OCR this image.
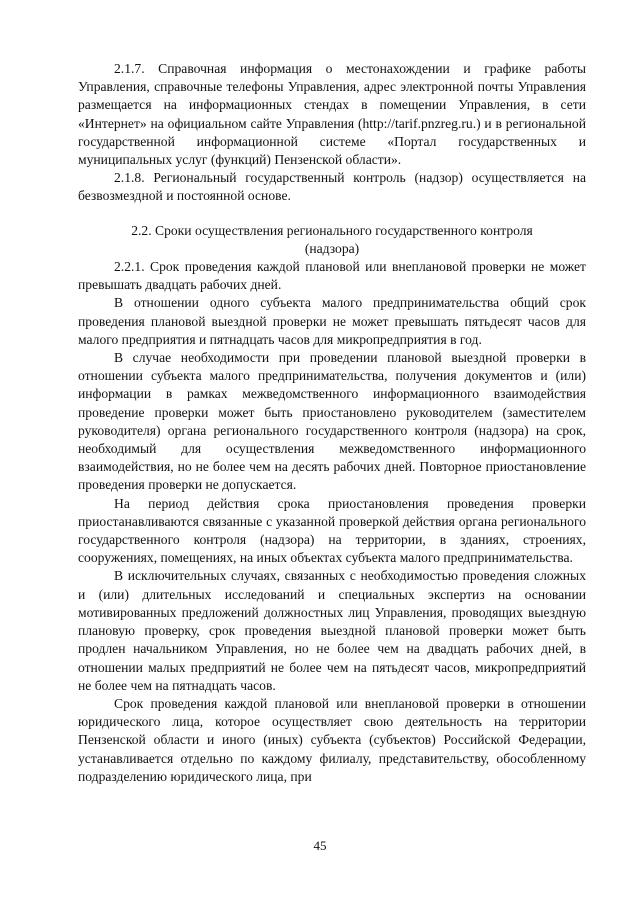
2.1.7. Справочная информация о местонахождении и графике работы Управления, справочные телефоны Управления, адрес электронной почты Управления размещается на информационных стендах в помещении Управления, в сети «Интернет» на официальном сайте Управления (http://tarif.pnzreg.ru.) и в региональной государственной информационной системе «Портал государственных и муниципальных услуг (функций) Пензенской области».

2.1.8. Региональный государственный контроль (надзор) осуществляется на безвозмездной и постоянной основе.

2.2. Сроки осуществления регионального государственного контроля (надзора)

2.2.1. Срок проведения каждой плановой или внеплановой проверки не может превышать двадцать рабочих дней.

В отношении одного субъекта малого предпринимательства общий срок проведения плановой выездной проверки не может превышать пятьдесят часов для малого предприятия и пятнадцать часов для микропредприятия в год.

В случае необходимости при проведении плановой выездной проверки в отношении субъекта малого предпринимательства, получения документов и (или) информации в рамках межведомственного информационного взаимодействия проведение проверки может быть приостановлено руководителем (заместителем руководителя) органа регионального государственного контроля (надзора) на срок, необходимый для осуществления межведомственного информационного взаимодействия, но не более чем на десять рабочих дней. Повторное приостановление проведения проверки не допускается.

На период действия срока приостановления проведения проверки приостанавливаются связанные с указанной проверкой действия органа регионального государственного контроля (надзора) на территории, в зданиях, строениях, сооружениях, помещениях, на иных объектах субъекта малого предпринимательства.

В исключительных случаях, связанных с необходимостью проведения сложных и (или) длительных исследований и специальных экспертиз на основании мотивированных предложений должностных лиц Управления, проводящих выездную плановую проверку, срок проведения выездной плановой проверки может быть продлен начальником Управления, но не более чем на двадцать рабочих дней, в отношении малых предприятий не более чем на пятьдесят часов, микропредприятий не более чем на пятнадцать часов.

Срок проведения каждой плановой или внеплановой проверки в отношении юридического лица, которое осуществляет свою деятельность на территории Пензенской области и иного (иных) субъекта (субъектов) Российской Федерации, устанавливается отдельно по каждому филиалу, представительству, обособленному подразделению юридического лица, при

45
